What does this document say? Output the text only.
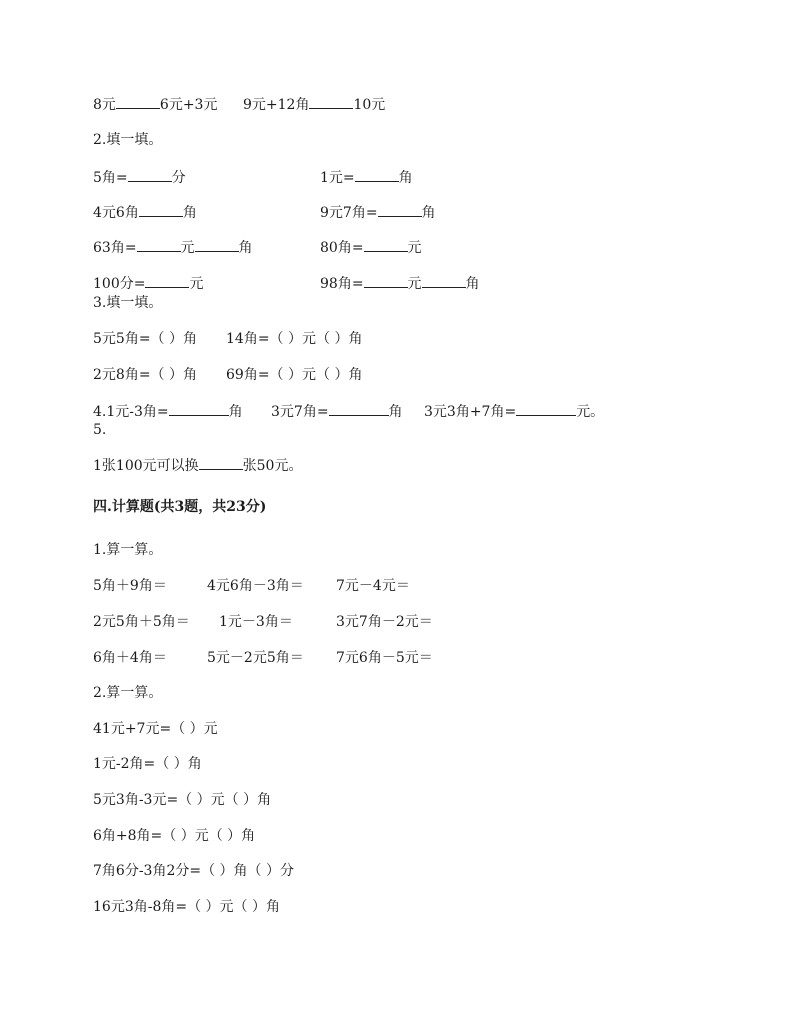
8元	6元+3元 9元+12角	10元
2.填一填。
5角=	分	1元=	角
4元6角	角	9元7角=	角
63角=	元	角	80角=	元
100分=	元	98角=	元	角
3.填一填。
5元5角=（ ）角 14角=（ ）元（ ）角
2元8角=（ ）角 69角=（ ）元（ ）角
4.1元-3角=	角 3元7角=	角 3元3角+7角=	元。
5.
1张100元可以换	张50元。
四.计算题(共3题，共23分)
1.算一算。
5角＋9角＝	4元6角－3角＝ 7元－4元＝
2元5角＋5角＝ 1元－3角＝	3元7角－2元＝
6角＋4角＝	5元－2元5角＝ 7元6角－5元＝
2.算一算。
41元+7元=（ ）元
1元-2角=（ ）角
5元3角-3元=（ ）元（ ）角
6角+8角=（ ）元（ ）角
7角6分-3角2分=（ ）角（ ）分
16元3角-8角=（ ）元（ ）角
